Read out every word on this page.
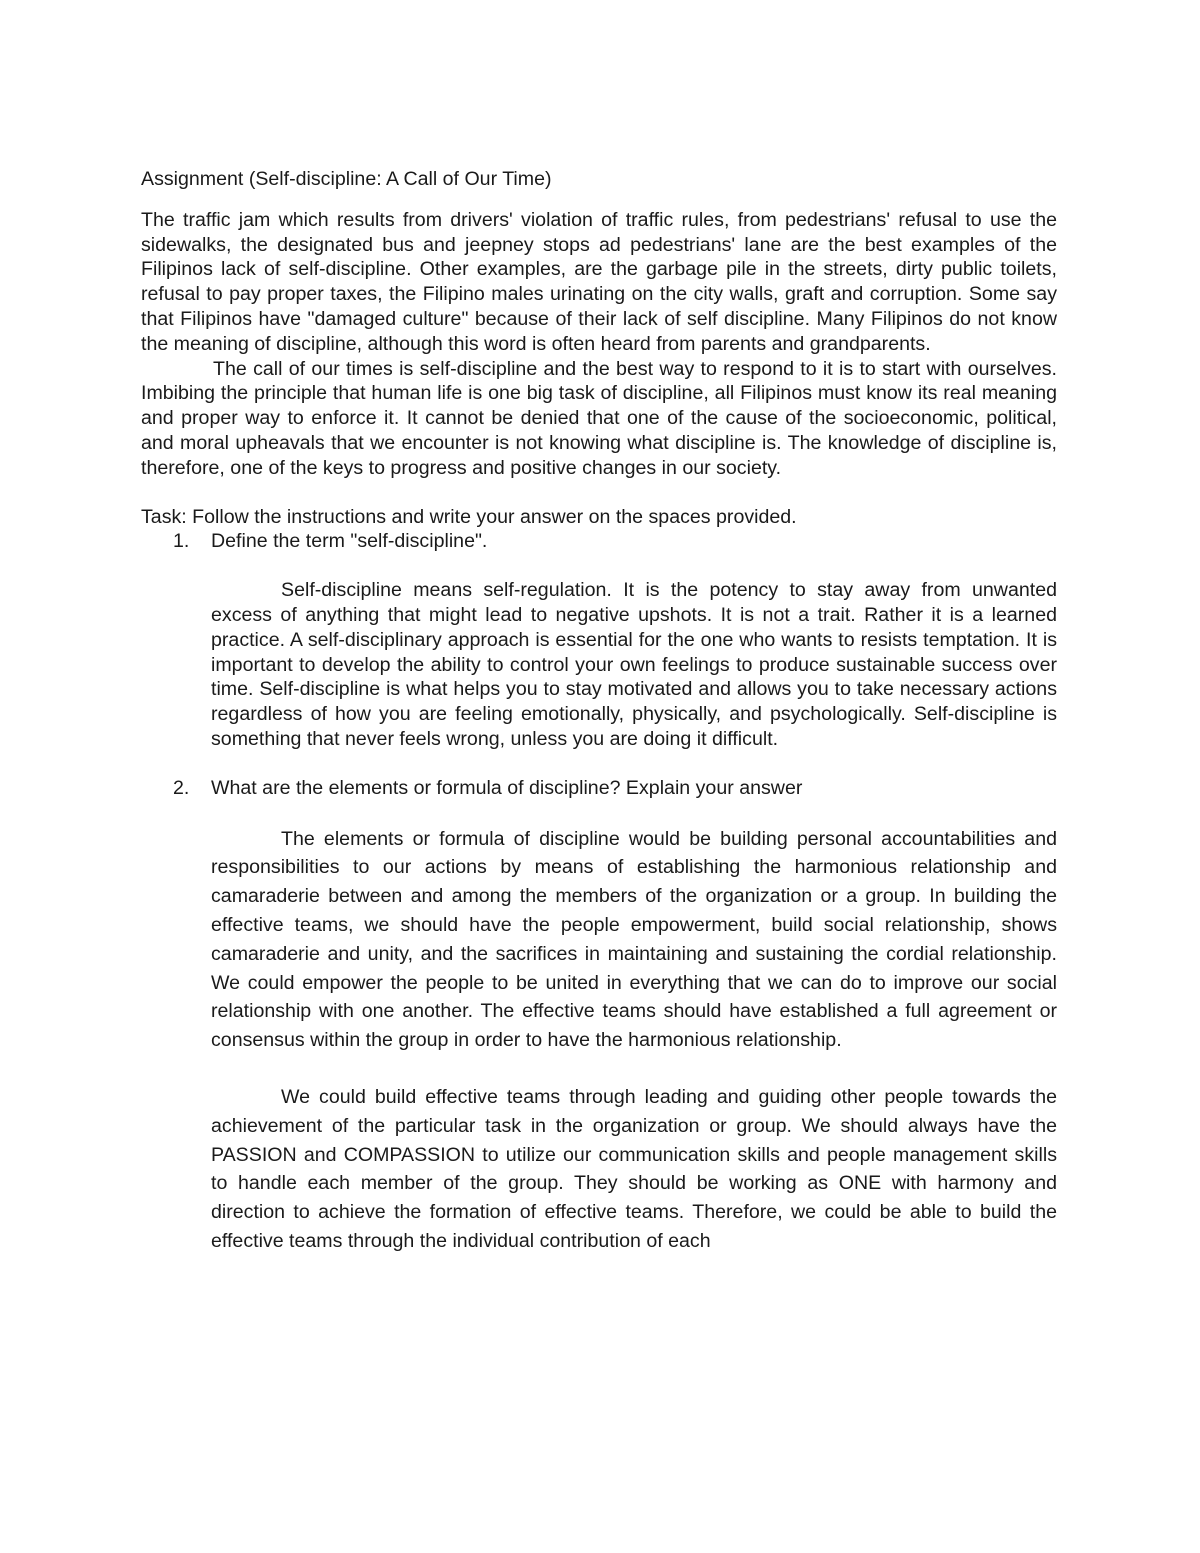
Assignment (Self-discipline: A Call of Our Time)

The traffic jam which results from drivers' violation of traffic rules, from pedestrians' refusal to use the sidewalks, the designated bus and jeepney stops ad pedestrians' lane are the best examples of the Filipinos lack of self-discipline. Other examples, are the garbage pile in the streets, dirty public toilets, refusal to pay proper taxes, the Filipino males urinating on the city walls, graft and corruption. Some say that Filipinos have "damaged culture" because of their lack of self discipline. Many Filipinos do not know the meaning of discipline, although this word is often heard from parents and grandparents.

The call of our times is self-discipline and the best way to respond to it is to start with ourselves. Imbibing the principle that human life is one big task of discipline, all Filipinos must know its real meaning and proper way to enforce it. It cannot be denied that one of the cause of the socioeconomic, political, and moral upheavals that we encounter is not knowing what discipline is. The knowledge of discipline is, therefore, one of the keys to progress and positive changes in our society.

Task: Follow the instructions and write your answer on the spaces provided.

1. Define the term "self-discipline".

Self-discipline means self-regulation. It is the potency to stay away from unwanted excess of anything that might lead to negative upshots. It is not a trait. Rather it is a learned practice. A self-disciplinary approach is essential for the one who wants to resists temptation. It is important to develop the ability to control your own feelings to produce sustainable success over time. Self-discipline is what helps you to stay motivated and allows you to take necessary actions regardless of how you are feeling emotionally, physically, and psychologically. Self-discipline is something that never feels wrong, unless you are doing it difficult.

2. What are the elements or formula of discipline? Explain your answer

The elements or formula of discipline would be building personal accountabilities and responsibilities to our actions by means of establishing the harmonious relationship and camaraderie between and among the members of the organization or a group. In building the effective teams, we should have the people empowerment, build social relationship, shows camaraderie and unity, and the sacrifices in maintaining and sustaining the cordial relationship. We could empower the people to be united in everything that we can do to improve our social relationship with one another. The effective teams should have established a full agreement or consensus within the group in order to have the harmonious relationship.

We could build effective teams through leading and guiding other people towards the achievement of the particular task in the organization or group. We should always have the PASSION and COMPASSION to utilize our communication skills and people management skills to handle each member of the group. They should be working as ONE with harmony and direction to achieve the formation of effective teams. Therefore, we could be able to build the effective teams through the individual contribution of each
